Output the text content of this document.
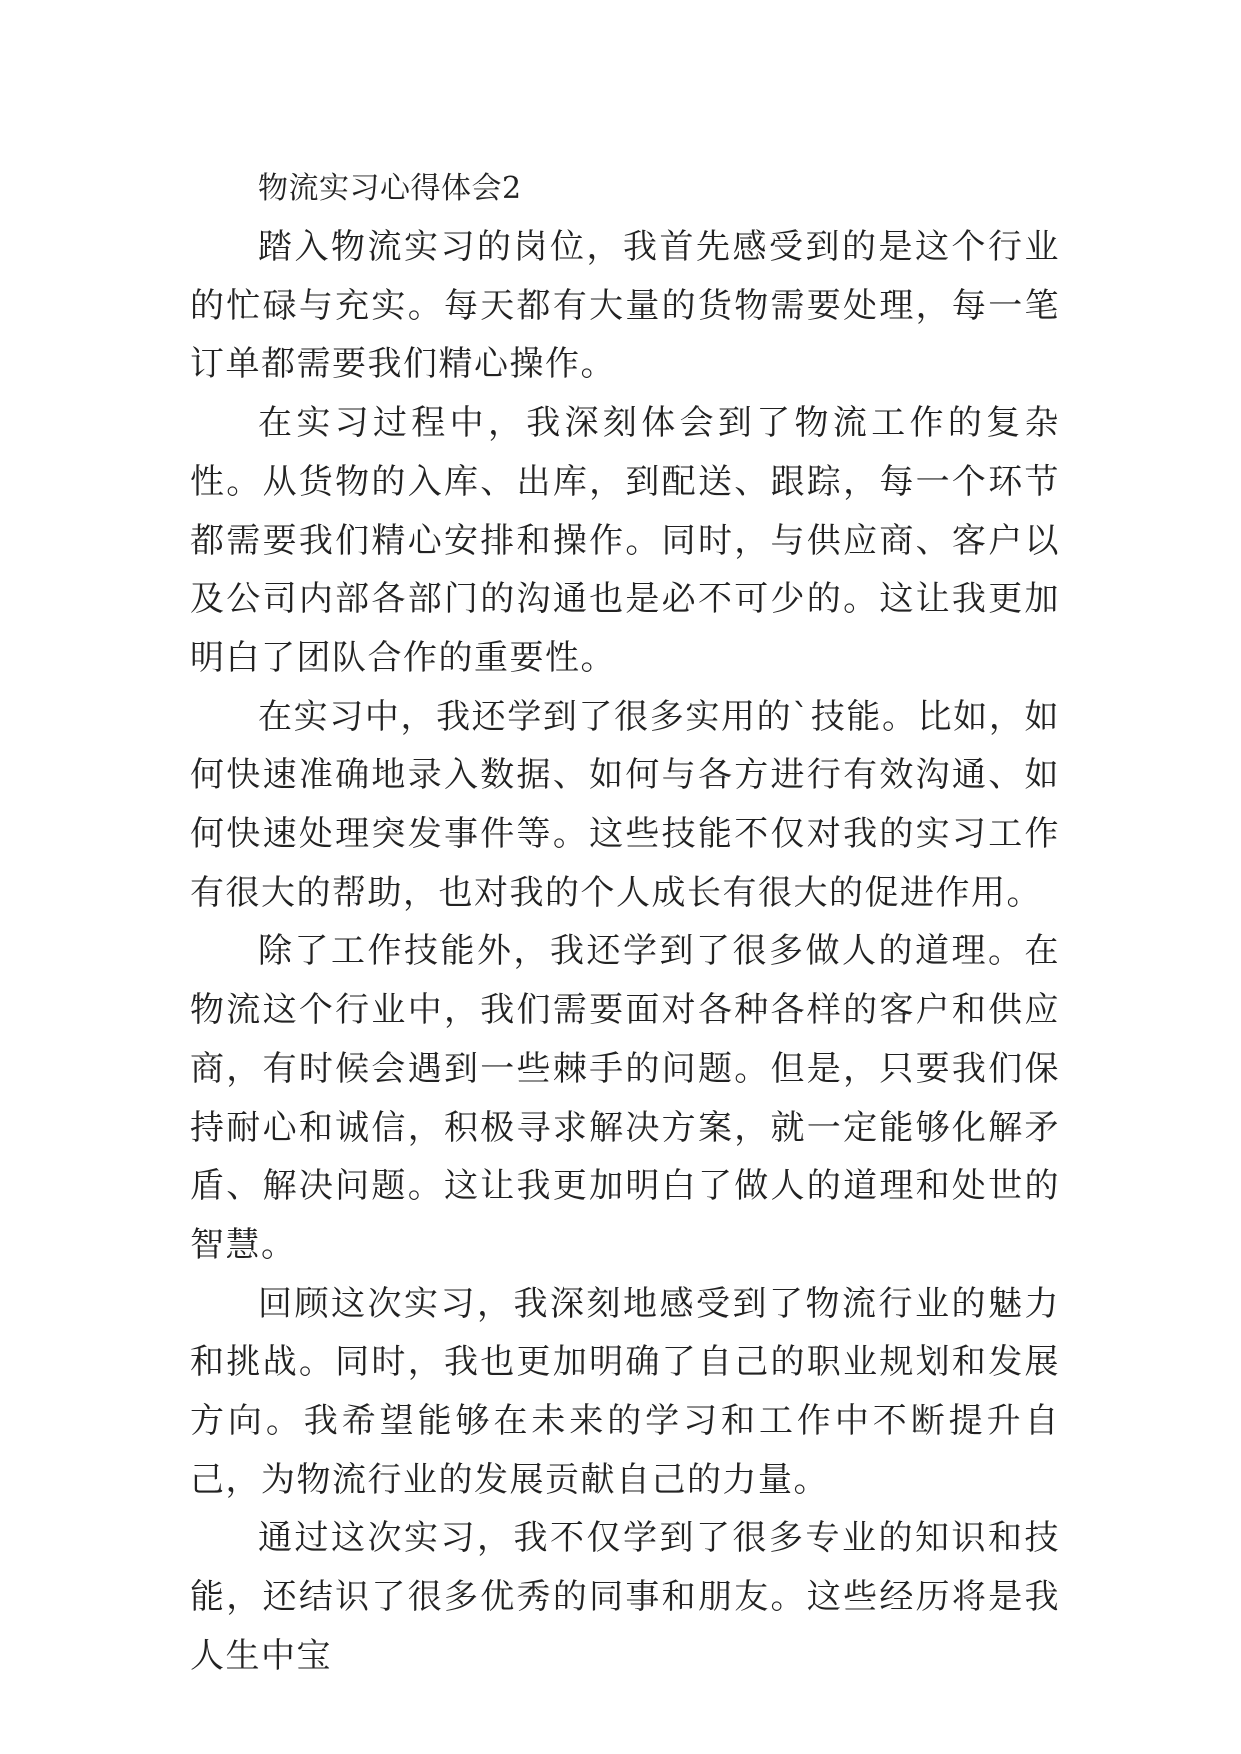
物流实习心得体会2

踏入物流实习的岗位，我首先感受到的是这个行业的忙碌与充实。每天都有大量的货物需要处理，每一笔订单都需要我们精心操作。

在实习过程中，我深刻体会到了物流工作的复杂性。从货物的入库、出库，到配送、跟踪，每一个环节都需要我们精心安排和操作。同时，与供应商、客户以及公司内部各部门的沟通也是必不可少的。这让我更加明白了团队合作的重要性。

在实习中，我还学到了很多实用的`技能。比如，如何快速准确地录入数据、如何与各方进行有效沟通、如何快速处理突发事件等。这些技能不仅对我的实习工作有很大的帮助，也对我的个人成长有很大的促进作用。

除了工作技能外，我还学到了很多做人的道理。在物流这个行业中，我们需要面对各种各样的客户和供应商，有时候会遇到一些棘手的问题。但是，只要我们保持耐心和诚信，积极寻求解决方案，就一定能够化解矛盾、解决问题。这让我更加明白了做人的道理和处世的智慧。

回顾这次实习，我深刻地感受到了物流行业的魅力和挑战。同时，我也更加明确了自己的职业规划和发展方向。我希望能够在未来的学习和工作中不断提升自己，为物流行业的发展贡献自己的力量。

通过这次实习，我不仅学到了很多专业的知识和技能，还结识了很多优秀的同事和朋友。这些经历将是我人生中宝
